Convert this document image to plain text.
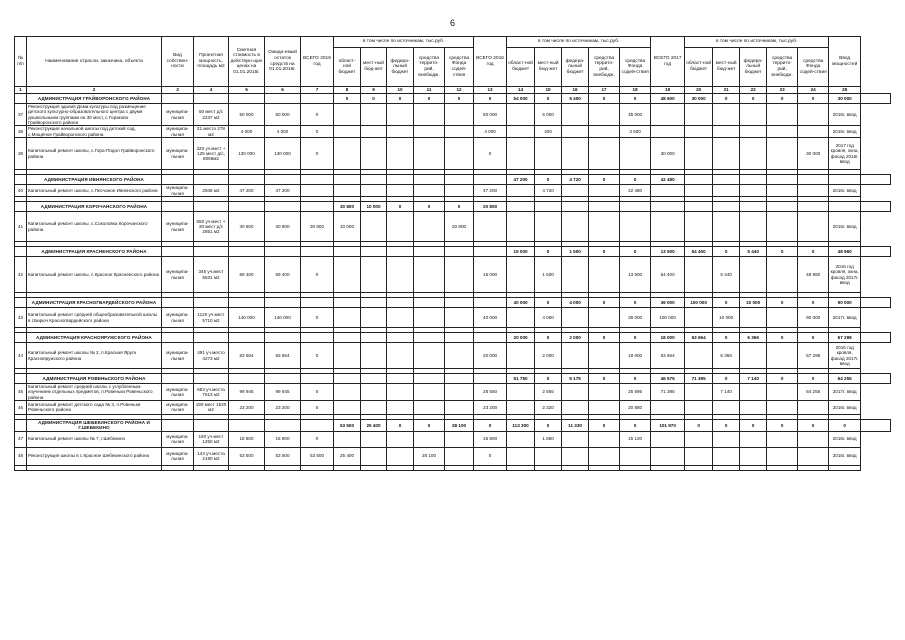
6
№ п/п	Наименование отрасли, заказчика, объекта	Вид собствен-ности	Проектная мощность, площадь м2	Сметная стоимость в действую-щих ценах на 01.01.2015г.	Ожида-емый остаток средств на 01.01.2016г.	ВСЕГО 2016 год	в том числе по источникам, тыс.руб.					ВСЕГО 2016 год	в том числе по источникам, тыс.руб.					ВСЕГО 2017 год	в том числе по источникам, тыс.руб.					Ввод мощностей	
							област-ной бюджет	мест-ный бюд-жет	федера-льный бюджет	средства террито-рий, внебюдж.	средства Фонда содей-ствия		област-ной бюджет	мест-ный бюд-жет	федера-льный бюджет	средства террито-рий, внебюдж.	средства Фонда содей-ствия		област-ной бюджет	мест-ный бюд-жет	федера-льный бюджет	средства террито-рий, внебюдж.	средства Фонда содей-ствия		
1	2	3	4	5	6	7	8	9	10	11	12	13	14	15	16	17	18	19	20	21	22	23	24	25	
	АДМИНИСТРАЦИЯ ГРАЙВОРОНСКОГО РАЙОНА						0	0	0	0	0	0	54 000	0	5 400	0	0	48 600	30 000	0	0	0	0	30 000	
37	Реконструкция здания Дома культуры под размещение детского культурно-образовательного центра с двумя дошкольными группами на 30 мест, с.Гораково Грайворонского района	муниципа-льная	50 мест д/с 2237 м2	50 000	50 000	0						50 000		5 000			45 000							2016г. ввод	
38	Реконструкция начальной школы под детский сад, с.Мощёное Грайворонского района	муниципа-льная	21 место 278 м2	4 000	4 000	0						4 000		400			3 600							2016г. ввод	
39	Капитальный ремонт школы, с.Гора-Подол Грайворонского района	муниципа-льная	320 уч.мест + 125 мест д/с, 8068м2	130 000	130 000	0						0						30 000					30 000	2017 год кровля, окна, фасад 2016г. ввод	

	АДМИНИСТРАЦИЯ ИВНЯНСКОГО РАЙОНА												47 200	0	4 720	0	0	42 480							
40	Капитальный ремонт школы, с.Песчаное Ивнянского района	муниципа-льная	2948 м2	47 200	47 200							47 200		4 720			42 480							2016г. ввод	

	АДМИНИСТРАЦИЯ КОРОЧАНСКОГО РАЙОНА						30 800	10 000	0	0	0	20 800													
41	Капитальный ремонт школы, с.Соколовка Корочанского района	муниципа-льная	550 уч.мест + 20 мест д/с 2851 м2	30 800	30 800	30 800	10 000				20 800													2015г. ввод	

	АДМИНИСТРАЦИЯ КРАСНЕНСКОГО РАЙОНА												15 000	0	1 500	0	0	13 500	54 400	0	5 440	0	0	48 960	
42	Капитальный ремонт школы, с.Красное Красненского района	муниципа-льная	345 уч.мест 5531 м2	69 400	69 400	0						15 000		1 500			13 500	54 400		5 440			48 960	2016 год кровля, окна, фасад 2017г. ввод	

	АДМИНИСТРАЦИЯ КРАСНОГВАРДЕЙСКОГО РАЙОНА												40 000	0	4 000	0	0	36 000	100 000	0	10 000	0	0	90 000	
43	Капитальный ремонт средней общеобразовательной школы в г.Бирюч Красногвардейского района	муниципа-льная	1120 уч.мест 5710 м2	140 000	140 000	0						40 000		4 000			36 000	100 000		10 000			90 000	2017г. ввод	

	АДМИНИСТРАЦИЯ КРАСНОЯРУЖСКОГО РАЙОНА												20 000	0	2 000	0	0	18 000	63 664	0	6 366	0	0	57 298	
44	Капитальный ремонт школы № 2, п.Красная Яруга Краснояружского района	муниципа-льная	491 уч.место 4273 м2	83 664	83 664	0						20 000		2 000			18 000	63 664		6 366			57 298	2016 год кровля, фасад 2017г. ввод	

	АДМИНИСТРАЦИЯ РОВЕНЬСКОГО РАЙОНА												51 750	0	5 175	0	0	46 575	71 395	0	7 140	0	0	64 255	
45	Капитальный ремонт средней школы с углубленным изучением отдельных предметов, п.Ровеньки Ровеньского района	муниципа-льная	663 уч.места 7613 м2	99 945	99 945	0						28 550		2 855			25 695	71 395		7 140			64 255	2017г. ввод	
46	Капитальный ремонт детского сада № 3, п.Ровеньки Ровеньского района	муниципа-льная	190 мест 1530 м2	23 200	23 200	0						23 200		2 320			20 880							2016г. ввод	

	АДМИНИСТРАЦИЯ ШЕБЕКИНСКОГО РАЙОНА И Г.ШЕБЕКИНО						53 500	25 400	0	0	28 100	0	113 300	0	11 330	0	0	101 970	0	0	0	0	0	0	
47	Капитальный ремонт школы № 7, г.Шебекино	муниципа-льная	160 уч.мест 1250 м2	16 800	16 800	0						16 800		1 680			15 120							2016г. ввод	
48	Реконструкция школы в с.Красное Шебекинского района	муниципа-льная	144 уч.места 2190 м2	53 500	53 500	53 500	25 400			28 100		0												2015г. ввод	
